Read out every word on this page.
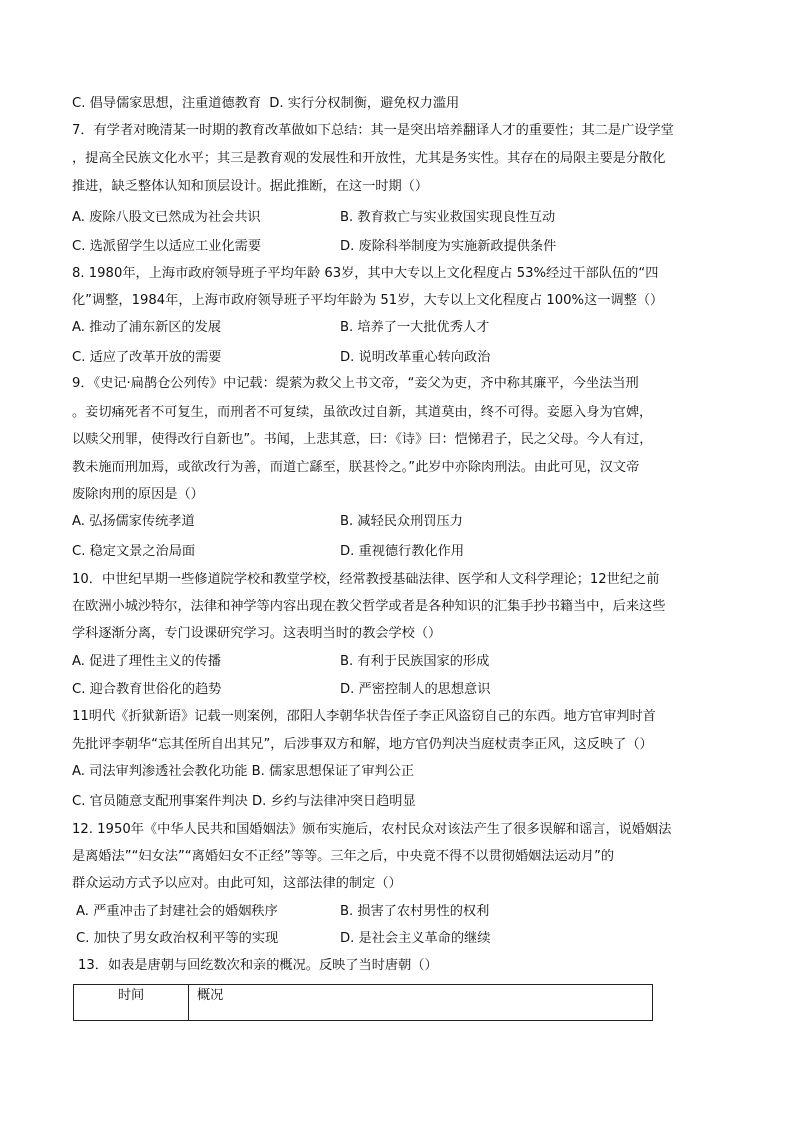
C. 倡导儒家思想，注重道德教育 D. 实行分权制衡，避免权力滥用
7．有学者对晚清某一时期的教育改革做如下总结：其一是突出培养翻译人才的重要性；其二是广设学堂
，提高全民族文化水平；其三是教育观的发展性和开放性，尤其是务实性。其存在的局限主要是分散化
推进，缺乏整体认知和顶层设计。据此推断，在这一时期（）
A. 废除八股文已然成为社会共识	B. 教育救亡与实业救国实现良性互动
C. 选派留学生以适应工业化需要	D. 废除科举制度为实施新政提供条件
8. 1980年，上海市政府领导班子平均年龄 63岁，其中大专以上文化程度占 53%经过干部队伍的“四
化”调整，1984年，上海市政府领导班子平均年龄为 51岁，大专以上文化程度占 100%这一调整（）
A. 推动了浦东新区的发展	B. 培养了一大批优秀人才
C. 适应了改革开放的需要	D. 说明改革重心转向政治
9．《史记·扁鹊仓公列传》中记载：缇萦为救父上书文帝，“妾父为吏，齐中称其廉平，今坐法当刑
。妾切痛死者不可复生，而刑者不可复续，虽欲改过自新，其道莫由，终不可得。妾愿入身为官婢，
以赎父刑罪，使得改行自新也”。书闻，上悲其意，曰：《诗》曰：恺悌君子，民之父母。今人有过，
教未施而刑加焉，或欲改行为善，而道亡繇至，朕甚怜之。”此岁中亦除肉刑法。由此可见，汉文帝
废除肉刑的原因是（）
A. 弘扬儒家传统孝道	B. 减轻民众刑罚压力
C. 稳定文景之治局面	D. 重视德行教化作用
10．中世纪早期一些修道院学校和教堂学校，经常教授基础法律、医学和人文科学理论；12世纪之前
在欧洲小城沙特尔，法律和神学等内容出现在教父哲学或者是各种知识的汇集手抄书籍当中，后来这些
学科逐渐分离，专门设课研究学习。这表明当时的教会学校（）
A. 促进了理性主义的传播	B. 有利于民族国家的形成
C. 迎合教育世俗化的趋势	D. 严密控制人的思想意识
11明代《折狱新语》记载一则案例，邵阳人李朝华状告侄子李正风盗窃自己的东西。地方官审判时首
先批评李朝华“忘其侄所自出其兄”，后涉事双方和解，地方官仍判决当庭杖责李正风，这反映了（）
A. 司法审判渗透社会教化功能 B. 儒家思想保证了审判公正
C. 官员随意支配刑事案件判决 D. 乡约与法律冲突日趋明显
12. 1950年《中华人民共和国婚姻法》颁布实施后，农村民众对该法产生了很多误解和谣言，说婚姻法
是离婚法”“妇女法”“离婚妇女不正经”等等。三年之后，中央竟不得不以贯彻婚姻法运动月”的
群众运动方式予以应对。由此可知，这部法律的制定（）
A. 严重冲击了封建社会的婚姻秩序	B. 损害了农村男性的权利
C. 加快了男女政治权利平等的实现	D. 是社会主义革命的继续
13．如表是唐朝与回纥数次和亲的概况。反映了当时唐朝（）
时间	概况
